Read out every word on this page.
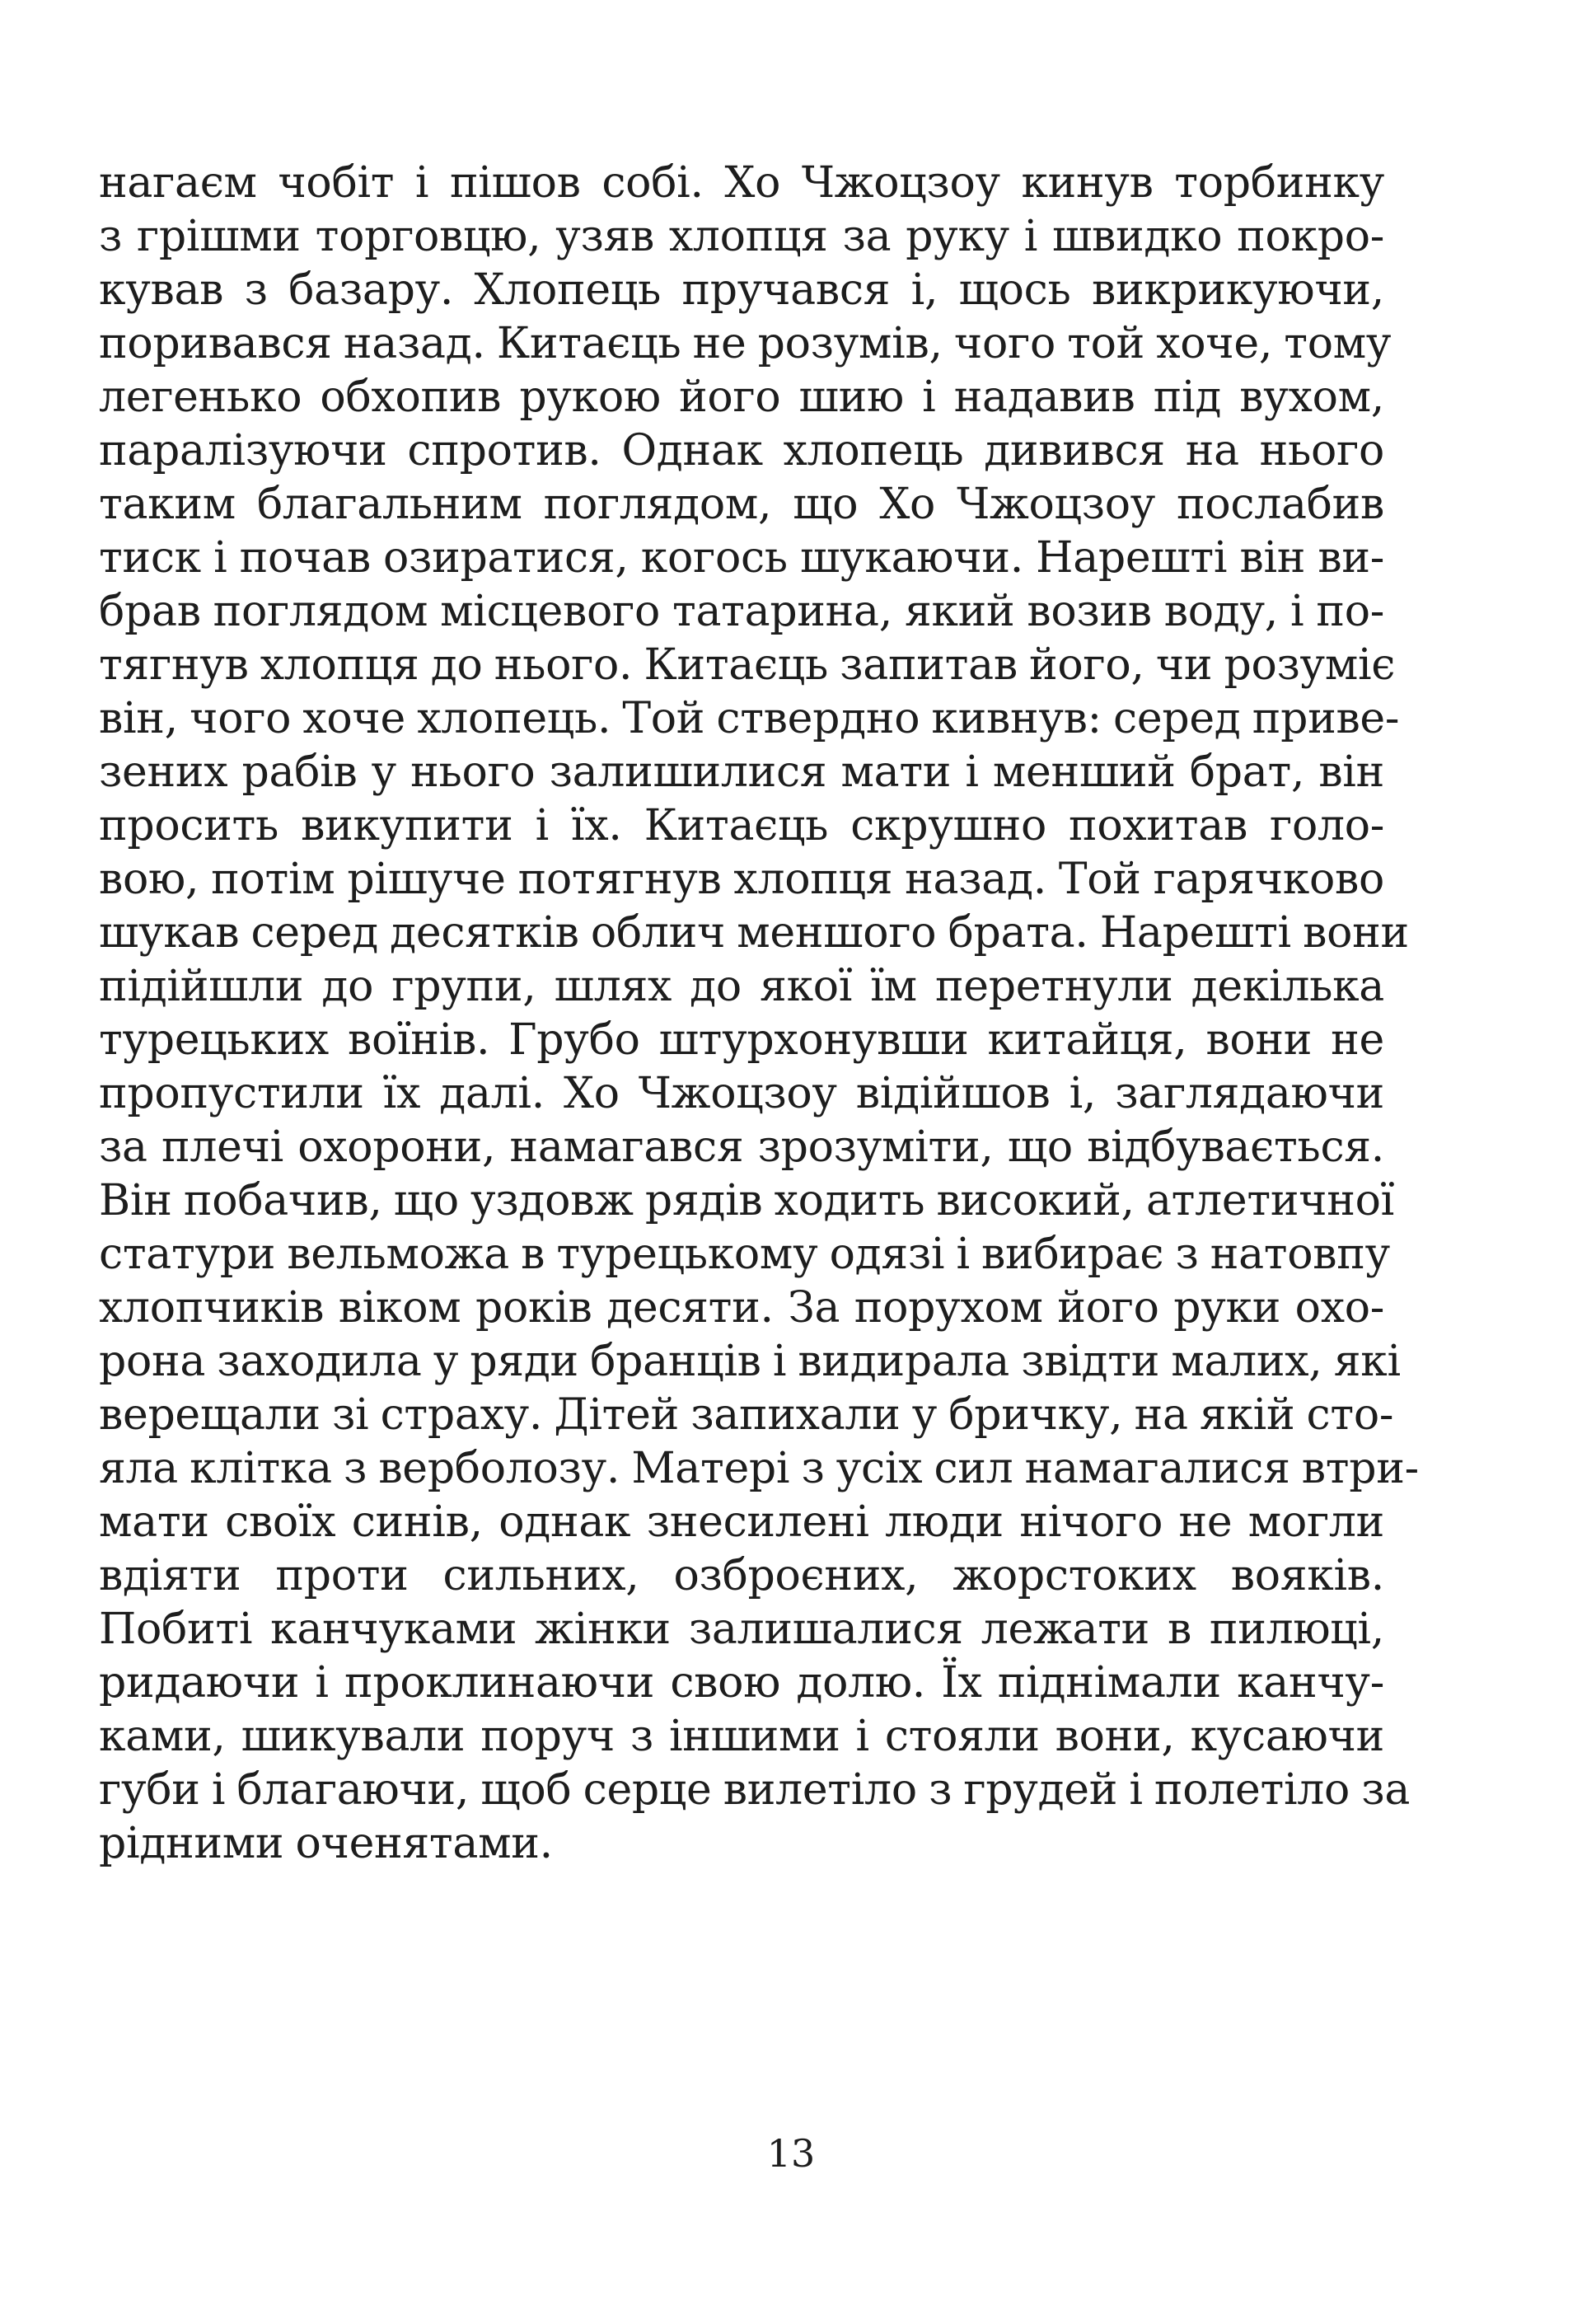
нагаєм чобіт і пішов собі. Хо Чжоцзоу кинув торбинку
з грішми торговцю, узяв хлопця за руку і швидко покро-
кував з базару. Хлопець пручався і, щось викрикуючи,
поривався назад. Китаєць не розумів, чого той хоче, тому
легенько обхопив рукою його шию і надавив під вухом,
паралізуючи спротив. Однак хлопець дивився на нього
таким благальним поглядом, що Хо Чжоцзоу послабив
тиск і почав озиратися, когось шукаючи. Нарешті він ви-
брав поглядом місцевого татарина, який возив воду, і по-
тягнув хлопця до нього. Китаєць запитав його, чи розуміє
він, чого хоче хлопець. Той ствердно кивнув: серед приве-
зених рабів у нього залишилися мати і менший брат, він
просить викупити і їх. Китаєць скрушно похитав голо-
вою, потім рішуче потягнув хлопця назад. Той гарячково
шукав серед десятків облич меншого брата. Нарешті вони
підійшли до групи, шлях до якої їм перетнули декілька
турецьких воїнів. Грубо штурхонувши китайця, вони не
пропустили їх далі. Хо Чжоцзоу відійшов і, заглядаючи
за плечі охорони, намагався зрозуміти, що відбувається.
Він побачив, що уздовж рядів ходить високий, атлетичної
статури вельможа в турецькому одязі і вибирає з натовпу
хлопчиків віком років десяти. За порухом його руки охо-
рона заходила у ряди бранців і видирала звідти малих, які
верещали зі страху. Дітей запихали у бричку, на якій сто-
яла клітка з верболозу. Матері з усіх сил намагалися втри-
мати своїх синів, однак знесилені люди нічого не могли
вдіяти проти сильних, озброєних, жорстоких вояків.
Побиті канчуками жінки залишалися лежати в пилюці,
ридаючи і проклинаючи свою долю. Їх піднімали канчу-
ками, шикували поруч з іншими і стояли вони, кусаючи
губи і благаючи, щоб серце вилетіло з грудей і полетіло за
рідними оченятами.
13
